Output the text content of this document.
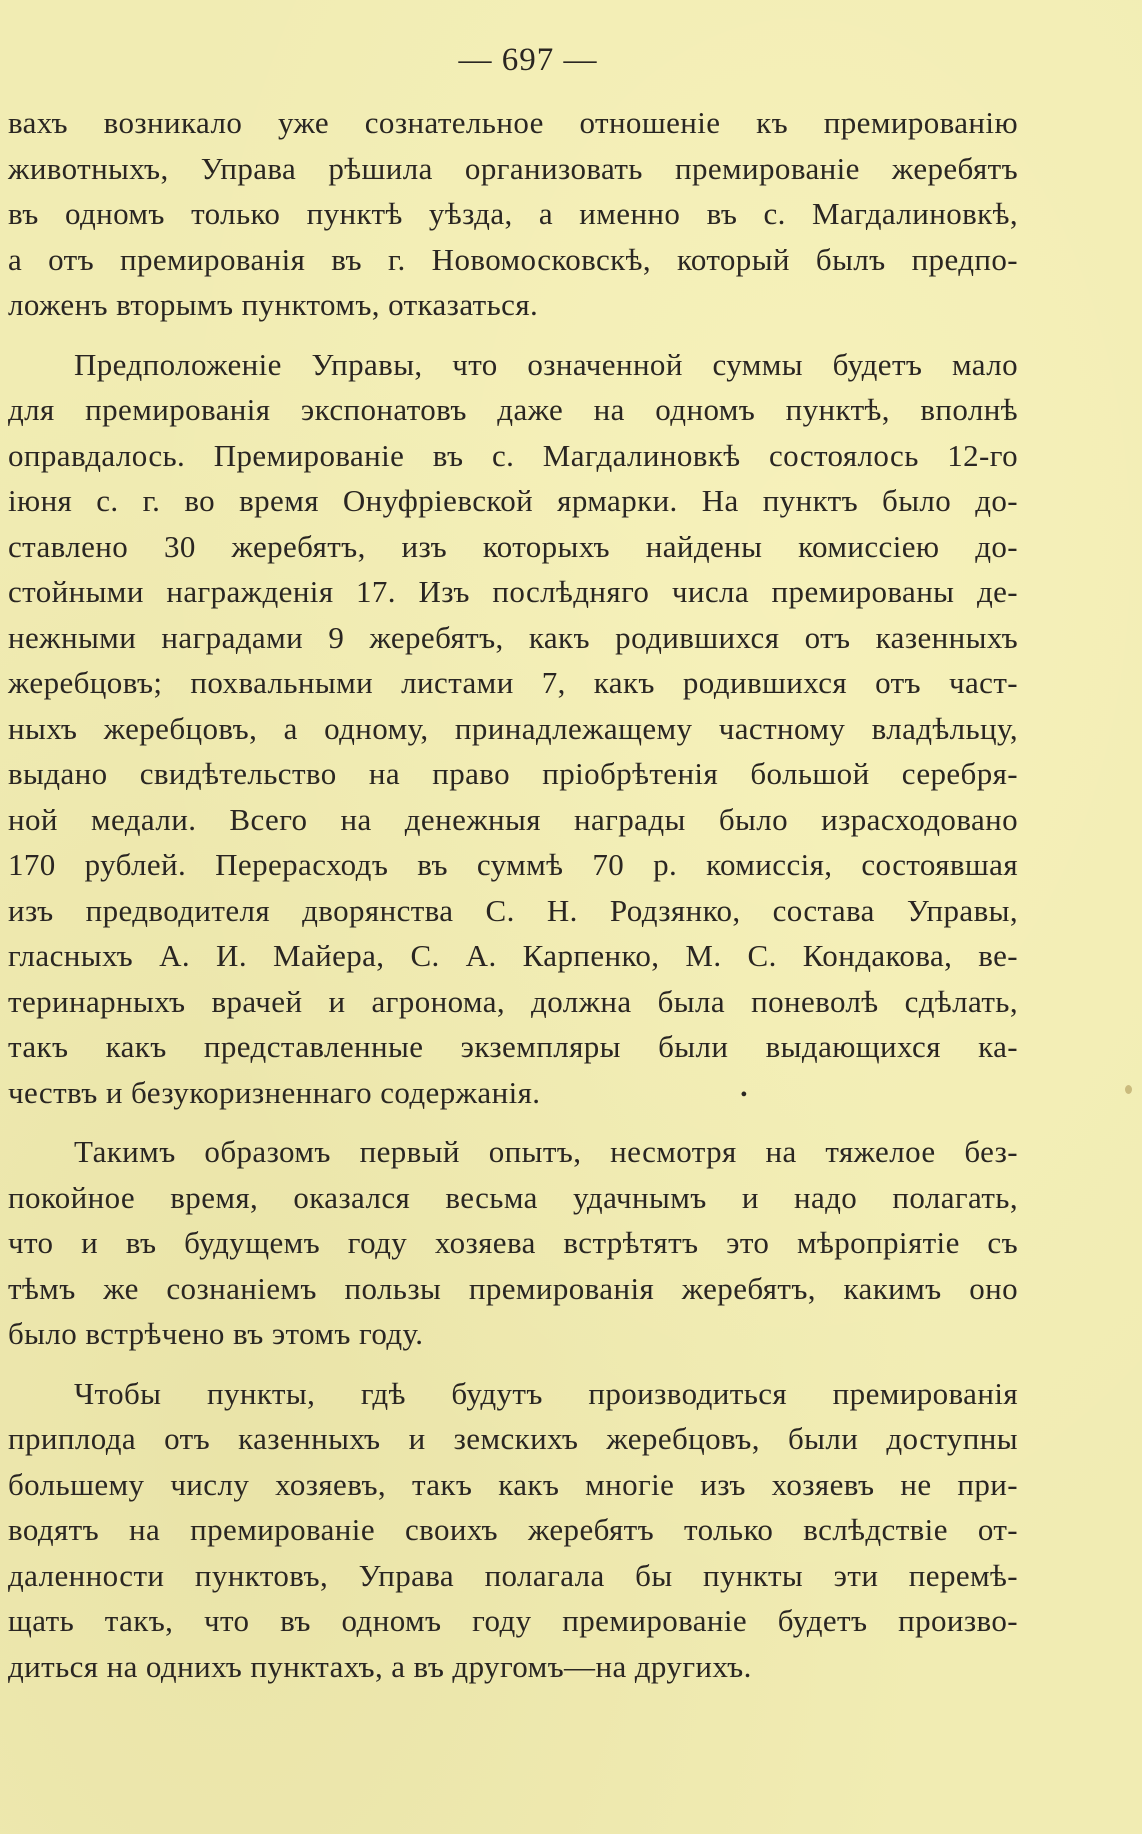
— 697 —
вахъ возникало уже сознательное отношеніе къ премированію
животныхъ, Управа рѣшила организовать премированіе жеребятъ
въ одномъ только пунктѣ уѣзда, а именно въ с. Магдалиновкѣ,
а отъ премированія въ г. Новомосковскѣ, который былъ предпо-
ложенъ вторымъ пунктомъ, отказаться.
Предположеніе Управы, что означенной суммы будетъ мало
для премированія экспонатовъ даже на одномъ пунктѣ, вполнѣ
оправдалось. Премированіе въ с. Магдалиновкѣ состоялось 12-го
іюня с. г. во время Онуфріевской ярмарки. На пунктъ было до-
ставлено 30 жеребятъ, изъ которыхъ найдены комиссіею до-
стойными награжденія 17. Изъ послѣдняго числа премированы де-
нежными наградами 9 жеребятъ, какъ родившихся отъ казенныхъ
жеребцовъ; похвальными листами 7, какъ родившихся отъ част-
ныхъ жеребцовъ, а одному, принадлежащему частному владѣльцу,
выдано свидѣтельство на право пріобрѣтенія большой серебря-
ной медали. Всего на денежныя награды было израсходовано
170 рублей. Перерасходъ въ суммѣ 70 р. комиссія, состоявшая
изъ предводителя дворянства С. Н. Родзянко, состава Управы,
гласныхъ А. И. Майера, С. А. Карпенко, М. С. Кондакова, ве-
теринарныхъ врачей и агронома, должна была поневолѣ сдѣлать,
такъ какъ представленные экземпляры были выдающихся ка-
чествъ и безукоризненнаго содержанія.	•
Такимъ образомъ первый опытъ, несмотря на тяжелое без-
покойное время, оказался весьма удачнымъ и надо полагать,
что и въ будущемъ году хозяева встрѣтятъ это мѣропріятіе съ
тѣмъ же сознаніемъ пользы премированія жеребятъ, какимъ оно
было встрѣчено въ этомъ году.
Чтобы пункты, гдѣ будутъ производиться премированія
приплода отъ казенныхъ и земскихъ жеребцовъ, были доступны
большему числу хозяевъ, такъ какъ многіе изъ хозяевъ не при-
водятъ на премированіе своихъ жеребятъ только вслѣдствіе от-
даленности пунктовъ, Управа полагала бы пункты эти перемѣ-
щать такъ, что въ одномъ году премированіе будетъ произво-
диться на однихъ пунктахъ, а въ другомъ—на другихъ.
